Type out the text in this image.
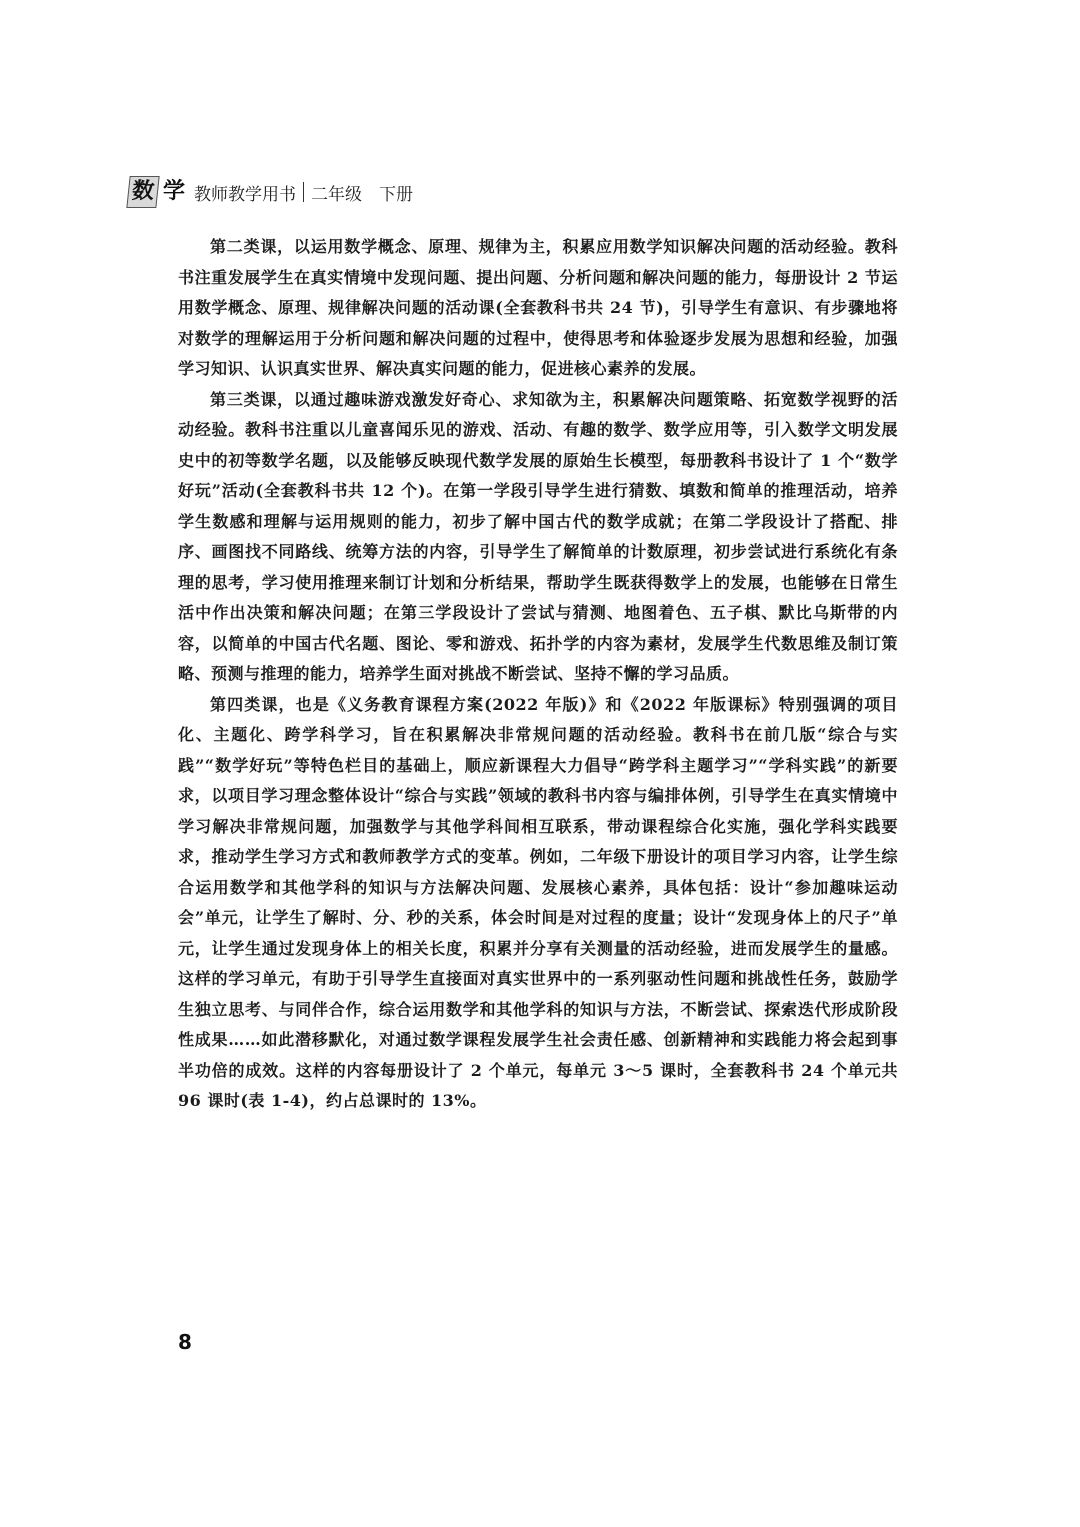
数 学 教师教学用书 二年级　下册

第二类课，以运用数学概念、原理、规律为主，积累应用数学知识解决问题的活动经验。教科书注重发展学生在真实情境中发现问题、提出问题、分析问题和解决问题的能力，每册设计 2 节运用数学概念、原理、规律解决问题的活动课(全套教科书共 24 节)，引导学生有意识、有步骤地将对数学的理解运用于分析问题和解决问题的过程中，使得思考和体验逐步发展为思想和经验，加强学习知识、认识真实世界、解决真实问题的能力，促进核心素养的发展。

第三类课，以通过趣味游戏激发好奇心、求知欲为主，积累解决问题策略、拓宽数学视野的活动经验。教科书注重以儿童喜闻乐见的游戏、活动、有趣的数学、数学应用等，引入数学文明发展史中的初等数学名题，以及能够反映现代数学发展的原始生长模型，每册教科书设计了 1 个“数学好玩”活动(全套教科书共 12 个)。在第一学段引导学生进行猜数、填数和简单的推理活动，培养学生数感和理解与运用规则的能力，初步了解中国古代的数学成就；在第二学段设计了搭配、排序、画图找不同路线、统筹方法的内容，引导学生了解简单的计数原理，初步尝试进行系统化有条理的思考，学习使用推理来制订计划和分析结果，帮助学生既获得数学上的发展，也能够在日常生活中作出决策和解决问题；在第三学段设计了尝试与猜测、地图着色、五子棋、默比乌斯带的内容，以简单的中国古代名题、图论、零和游戏、拓扑学的内容为素材，发展学生代数思维及制订策略、预测与推理的能力，培养学生面对挑战不断尝试、坚持不懈的学习品质。

第四类课，也是《义务教育课程方案(2022 年版)》和《2022 年版课标》特别强调的项目化、主题化、跨学科学习，旨在积累解决非常规问题的活动经验。教科书在前几版“综合与实践”“数学好玩”等特色栏目的基础上，顺应新课程大力倡导“跨学科主题学习”“学科实践”的新要求，以项目学习理念整体设计“综合与实践”领域的教科书内容与编排体例，引导学生在真实情境中学习解决非常规问题，加强数学与其他学科间相互联系，带动课程综合化实施，强化学科实践要求，推动学生学习方式和教师教学方式的变革。例如，二年级下册设计的项目学习内容，让学生综合运用数学和其他学科的知识与方法解决问题、发展核心素养，具体包括：设计“参加趣味运动会”单元，让学生了解时、分、秒的关系，体会时间是对过程的度量；设计“发现身体上的尺子”单元，让学生通过发现身体上的相关长度，积累并分享有关测量的活动经验，进而发展学生的量感。这样的学习单元，有助于引导学生直接面对真实世界中的一系列驱动性问题和挑战性任务，鼓励学生独立思考、与同伴合作，综合运用数学和其他学科的知识与方法，不断尝试、探索迭代形成阶段性成果……如此潜移默化，对通过数学课程发展学生社会责任感、创新精神和实践能力将会起到事半功倍的成效。这样的内容每册设计了 2 个单元，每单元 3～5 课时，全套教科书 24 个单元共 96 课时(表 1-4)，约占总课时的 13%。

8
